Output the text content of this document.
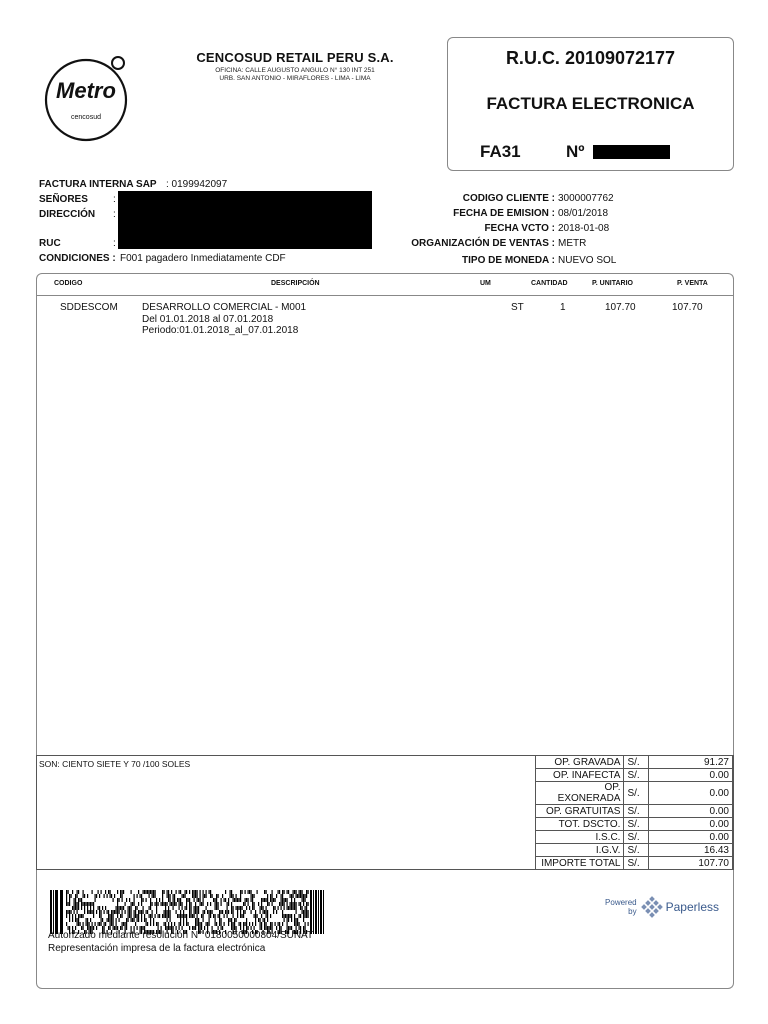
Metro
cencosud
CENCOSUD RETAIL PERU S.A.
OFICINA: CALLE AUGUSTO ANGULO N° 130 INT 251
URB. SAN ANTONIO - MIRAFLORES - LIMA - LIMA
R.U.C. 20109072177
FACTURA ELECTRONICA
FA31	Nº
FACTURA INTERNA SAP : 0199942097
SEÑORES	:
DIRECCIÓN :
RUC	:
CONDICIONES : F001 pagadero Inmediatamente CDF
CODIGO CLIENTE : 3000007762
FECHA DE EMISION : 08/01/2018
FECHA VCTO : 2018-01-08
ORGANIZACIÓN DE VENTAS : METR
TIPO DE MONEDA : NUEVO SOL
CODIGO	DESCRIPCIÓN	UM	CANTIDAD	P. UNITARIO	P. VENTA
SDDESCOM DESARROLLO COMERCIAL - M001
Del 01.01.2018 al 07.01.2018
Periodo:01.01.2018_al_07.01.2018
ST	1	107.70	107.70
SON: CIENTO SIETE Y 70 /100 SOLES	OP. GRAVADA	S/.	91.27
OP. INAFECTA	S/.	0.00
OP. EXONERADA	S/.	0.00
OP. GRATUITAS	S/.	0.00
TOT. DSCTO.	S/.	0.00
I.S.C.	S/.	0.00
I.G.V.	S/.	16.43
IMPORTE TOTAL	S/.	107.70
Autorizado mediante resolución N° 0180050000804/SUNAT
Representación impresa de la factura electrónica
Powered
by Paperless
